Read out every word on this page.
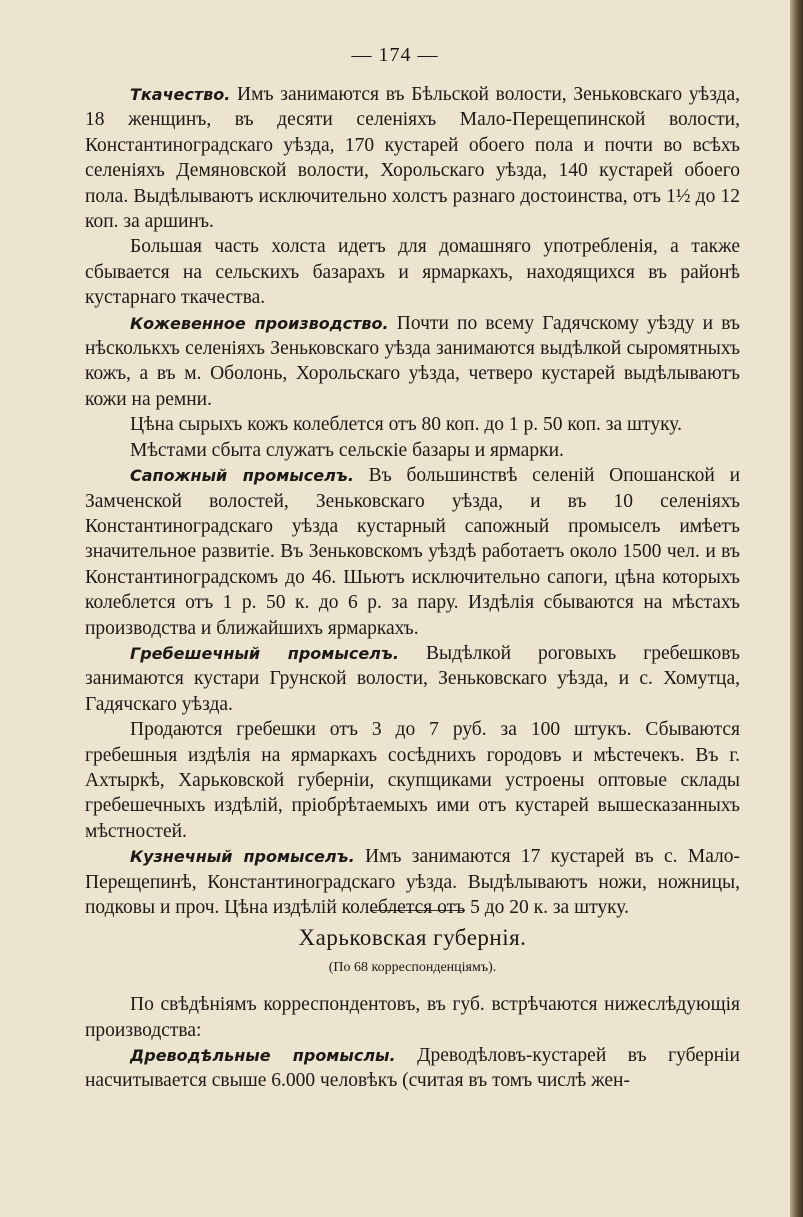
— 174 —

Ткачество. Имъ занимаются въ Бѣльской волости, Зеньковскаго уѣзда, 18 женщинъ, въ десяти селеніяхъ Мало-Перещепинской волости, Константиноградскаго уѣзда, 170 кустарей обоего пола и почти во всѣхъ селеніяхъ Демяновской волости, Хорольскаго уѣзда, 140 кустарей обоего пола. Выдѣлываютъ исключительно холстъ разнаго достоинства, отъ 1½ до 12 коп. за аршинъ.

Большая часть холста идетъ для домашняго употребленія, а также сбывается на сельскихъ базарахъ и ярмаркахъ, находящихся въ районѣ кустарнаго ткачества.

Кожевенное производство. Почти по всему Гадячскому уѣзду и въ нѣсколькхъ селеніяхъ Зеньковскаго уѣзда занимаются выдѣлкой сыромятныхъ кожъ, а въ м. Оболонь, Хорольскаго уѣзда, четверо кустарей выдѣлываютъ кожи на ремни.

Цѣна сырыхъ кожъ колеблется отъ 80 коп. до 1 р. 50 коп. за штуку.

Мѣстами сбыта служатъ сельскіе базары и ярмарки.

Сапожный промыселъ. Въ большинствѣ селеній Опошанской и Замченской волостей, Зеньковскаго уѣзда, и въ 10 селеніяхъ Константиноградскаго уѣзда кустарный сапожный промыселъ имѣетъ значительное развитіе. Въ Зеньковскомъ уѣздѣ работаетъ около 1500 чел. и въ Константиноградскомъ до 46. Шьютъ исключительно сапоги, цѣна которыхъ колеблется отъ 1 р. 50 к. до 6 р. за пару. Издѣлія сбываются на мѣстахъ производства и ближайшихъ ярмаркахъ.

Гребешечный промыселъ. Выдѣлкой роговыхъ гребешковъ занимаются кустари Грунской волости, Зеньковскаго уѣзда, и с. Хомутца, Гадячскаго уѣзда.

Продаются гребешки отъ 3 до 7 руб. за 100 штукъ. Сбываются гребешныя издѣлія на ярмаркахъ сосѣднихъ городовъ и мѣстечекъ. Въ г. Ахтыркѣ, Харьковской губерніи, скупщиками устроены оптовые склады гребешечныхъ издѣлій, пріобрѣтаемыхъ ими отъ кустарей вышесказанныхъ мѣстностей.

Кузнечный промыселъ. Имъ занимаются 17 кустарей въ с. Мало-Перещепинѣ, Константиноградскаго уѣзда. Выдѣлываютъ ножи, ножницы, подковы и проч. Цѣна издѣлій колеблется отъ 5 до 20 к. за штуку.

Харьковская губернія.
(По 68 корреспонденціямъ).

По свѣдѣніямъ корреспондентовъ, въ губ. встрѣчаются нижеслѣдующія производства:

Древодѣльные промыслы. Древодѣловъ-кустарей въ губерніи насчитывается свыше 6.000 человѣкъ (считая въ томъ числѣ жен-
